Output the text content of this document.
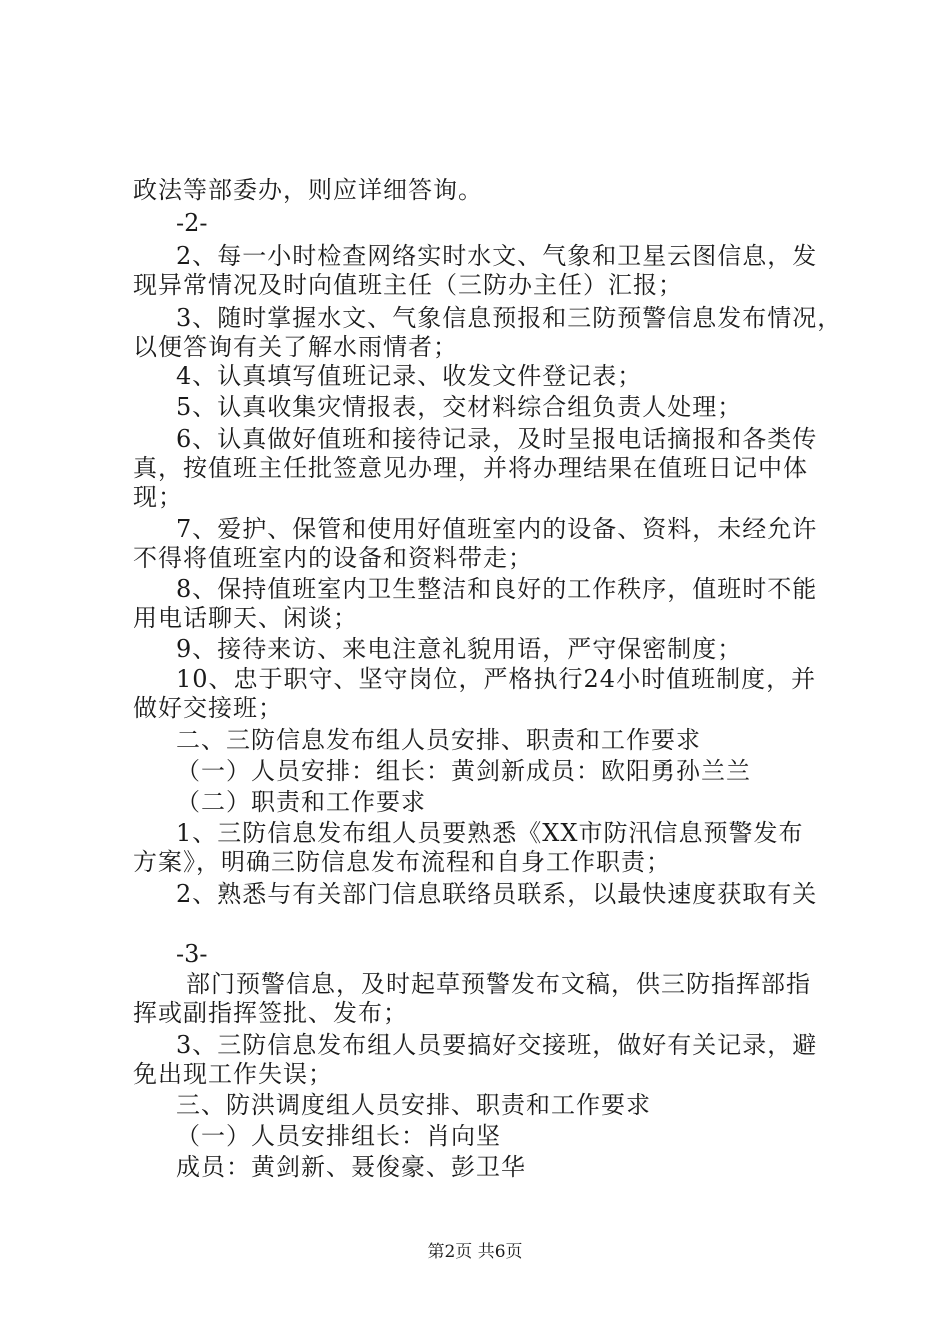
政法等部委办，则应详细答询。
-2-
2、每一小时检查网络实时水文、气象和卫星云图信息，发
现异常情况及时向值班主任（三防办主任）汇报；
3、随时掌握水文、气象信息预报和三防预警信息发布情况，
以便答询有关了解水雨情者；
4、认真填写值班记录、收发文件登记表；
5、认真收集灾情报表，交材料综合组负责人处理；
6、认真做好值班和接待记录，及时呈报电话摘报和各类传
真，按值班主任批签意见办理，并将办理结果在值班日记中体
现；
7、爱护、保管和使用好值班室内的设备、资料，未经允许
不得将值班室内的设备和资料带走；
8、保持值班室内卫生整洁和良好的工作秩序，值班时不能
用电话聊天、闲谈；
9、接待来访、来电注意礼貌用语，严守保密制度；
10、忠于职守、坚守岗位，严格执行24小时值班制度，并
做好交接班；
二、三防信息发布组人员安排、职责和工作要求
（一）人员安排：组长：黄剑新成员：欧阳勇孙兰兰
（二）职责和工作要求
1、三防信息发布组人员要熟悉《XX市防汛信息预警发布
方案》，明确三防信息发布流程和自身工作职责；
2、熟悉与有关部门信息联络员联系，以最快速度获取有关
-3-
部门预警信息，及时起草预警发布文稿，供三防指挥部指
挥或副指挥签批、发布；
3、三防信息发布组人员要搞好交接班，做好有关记录，避
免出现工作失误；
三、防洪调度组人员安排、职责和工作要求
（一）人员安排组长：肖向坚
成员：黄剑新、聂俊豪、彭卫华
第2页 共6页
